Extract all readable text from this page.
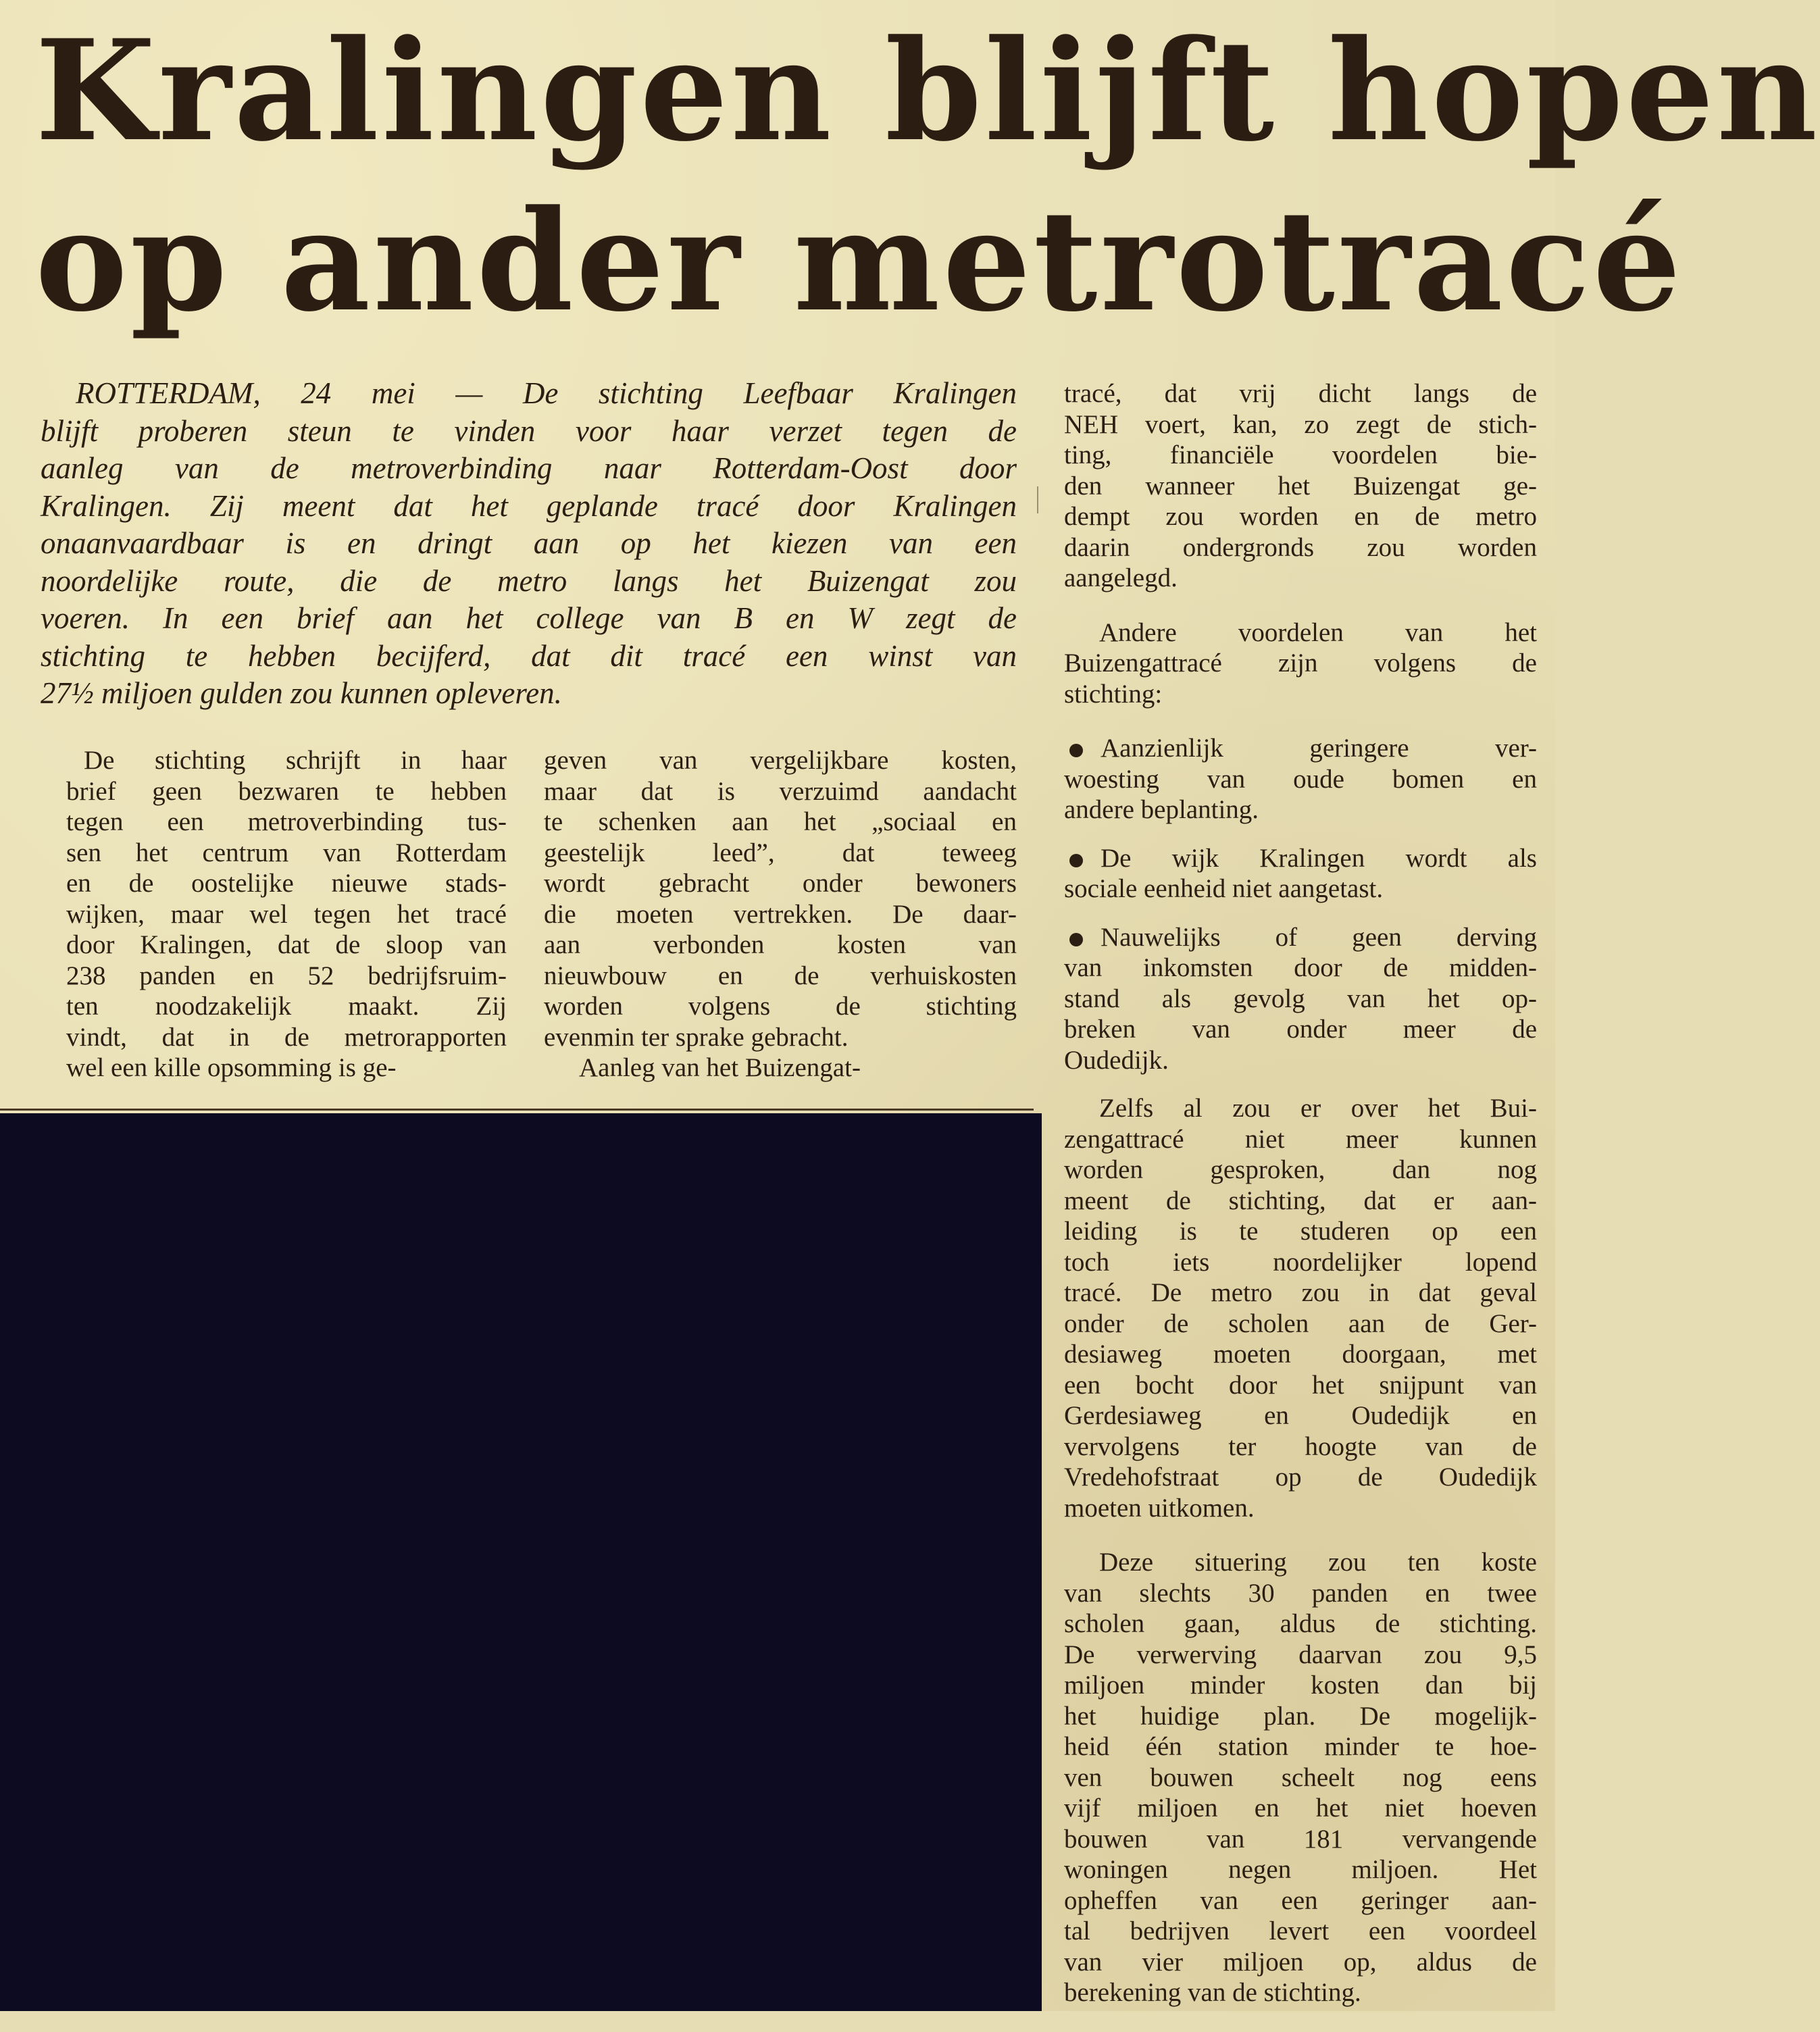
Kralingen blijft hopen
op ander metrotracé
ROTTERDAM, 24 mei — De stichting Leefbaar Kralingen
blijft proberen steun te vinden voor haar verzet tegen de
aanleg van de metroverbinding naar Rotterdam-Oost door
Kralingen. Zij meent dat het geplande tracé door Kralingen
onaanvaardbaar is en dringt aan op het kiezen van een
noordelijke route, die de metro langs het Buizengat zou
voeren. In een brief aan het college van B en W zegt de
stichting te hebben becijferd, dat dit tracé een winst van
27½ miljoen gulden zou kunnen opleveren.
De stichting schrijft in haar
brief geen bezwaren te hebben
tegen een metroverbinding tus-
sen het centrum van Rotterdam
en de oostelijke nieuwe stads-
wijken, maar wel tegen het tracé
door Kralingen, dat de sloop van
238 panden en 52 bedrijfsruim-
ten noodzakelijk maakt. Zij
vindt, dat in de metrorapporten
wel een kille opsomming is ge-
geven van vergelijkbare kosten,
maar dat is verzuimd aandacht
te schenken aan het „sociaal en
geestelijk leed”, dat teweeg
wordt gebracht onder bewoners
die moeten vertrekken. De daar-
aan verbonden kosten van
nieuwbouw en de verhuiskosten
worden volgens de stichting
evenmin ter sprake gebracht.
Aanleg van het Buizengat-
tracé, dat vrij dicht langs de
NEH voert, kan, zo zegt de stich-
ting, financiële voordelen bie-
den wanneer het Buizengat ge-
dempt zou worden en de metro
daarin ondergronds zou worden
aangelegd.
Andere voordelen van het
Buizengattracé zijn volgens de
stichting:
Aanzienlijk geringere ver-
woesting van oude bomen en
andere beplanting.
De wijk Kralingen wordt als
sociale eenheid niet aangetast.
Nauwelijks of geen derving
van inkomsten door de midden-
stand als gevolg van het op-
breken van onder meer de
Oudedijk.
Zelfs al zou er over het Bui-
zengattracé niet meer kunnen
worden gesproken, dan nog
meent de stichting, dat er aan-
leiding is te studeren op een
toch iets noordelijker lopend
tracé. De metro zou in dat geval
onder de scholen aan de Ger-
desiaweg moeten doorgaan, met
een bocht door het snijpunt van
Gerdesiaweg en Oudedijk en
vervolgens ter hoogte van de
Vredehofstraat op de Oudedijk
moeten uitkomen.
Deze situering zou ten koste
van slechts 30 panden en twee
scholen gaan, aldus de stichting.
De verwerving daarvan zou 9,5
miljoen minder kosten dan bij
het huidige plan. De mogelijk-
heid één station minder te hoe-
ven bouwen scheelt nog eens
vijf miljoen en het niet hoeven
bouwen van 181 vervangende
woningen negen miljoen. Het
opheffen van een geringer aan-
tal bedrijven levert een voordeel
van vier miljoen op, aldus de
berekening van de stichting.
